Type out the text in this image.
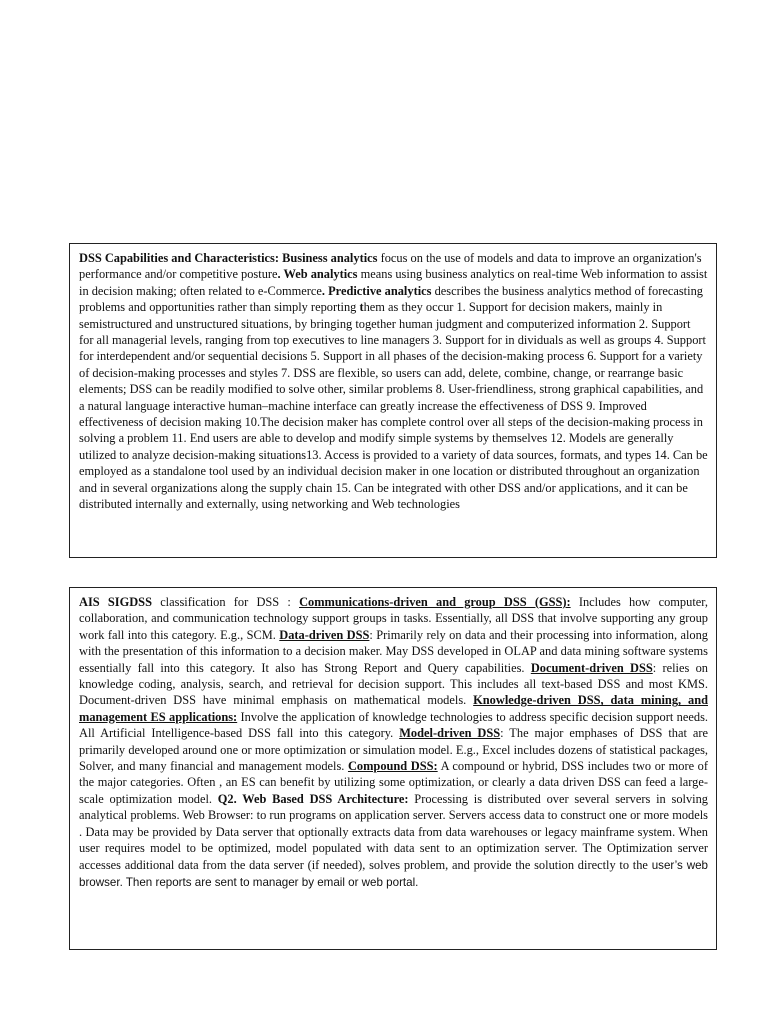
DSS Capabilities and Characteristics: Business analytics focus on the use of models and data to improve an organization's performance and/or competitive posture. Web analytics means using business analytics on real-time Web information to assist in decision making; often related to e-Commerce. Predictive analytics describes the business analytics method of forecasting problems and opportunities rather than simply reporting them as they occur 1. Support for decision makers, mainly in semistructured and unstructured situations, by bringing together human judgment and computerized information 2. Support for all managerial levels, ranging from top executives to line managers 3. Support for in dividuals as well as groups 4. Support for interdependent and/or sequential decisions 5. Support in all phases of the decision-making process 6. Support for a variety of decision-making processes and styles 7. DSS are flexible, so users can add, delete, combine, change, or rearrange basic elements; DSS can be readily modified to solve other, similar problems 8. User-friendliness, strong graphical capabilities, and a natural language interactive human–machine interface can greatly increase the effectiveness of DSS 9. Improved effectiveness of decision making 10.The decision maker has complete control over all steps of the decision-making process in solving a problem 11. End users are able to develop and modify simple systems by themselves 12. Models are generally utilized to analyze decision-making situations13. Access is provided to a variety of data sources, formats, and types 14. Can be employed as a standalone tool used by an individual decision maker in one location or distributed throughout an organization and in several organizations along the supply chain 15. Can be integrated with other DSS and/or applications, and it can be distributed internally and externally, using networking and Web technologies

AIS SIGDSS classification for DSS : Communications-driven and group DSS (GSS): Includes how computer, collaboration, and communication technology support groups in tasks. Essentially, all DSS that involve supporting any group work fall into this category. E.g., SCM. Data-driven DSS: Primarily rely on data and their processing into information, along with the presentation of this information to a decision maker. May DSS developed in OLAP and data mining software systems essentially fall into this category. It also has Strong Report and Query capabilities. Document-driven DSS: relies on knowledge coding, analysis, search, and retrieval for decision support. This includes all text-based DSS and most KMS. Document-driven DSS have minimal emphasis on mathematical models. Knowledge-driven DSS, data mining, and management ES applications: Involve the application of knowledge technologies to address specific decision support needs. All Artificial Intelligence-based DSS fall into this category. Model-driven DSS: The major emphases of DSS that are primarily developed around one or more optimization or simulation model. E.g., Excel includes dozens of statistical packages, Solver, and many financial and management models. Compound DSS: A compound or hybrid, DSS includes two or more of the major categories. Often , an ES can benefit by utilizing some optimization, or clearly a data driven DSS can feed a large-scale optimization model. Q2. Web Based DSS Architecture: Processing is distributed over several servers in solving analytical problems. Web Browser: to run programs on application server. Servers access data to construct one or more models . Data may be provided by Data server that optionally extracts data from data warehouses or legacy mainframe system. When user requires model to be optimized, model populated with data sent to an optimization server. The Optimization server accesses additional data from the data server (if needed), solves problem, and provide the solution directly to the user’s web browser. Then reports are sent to manager by email or web portal.
